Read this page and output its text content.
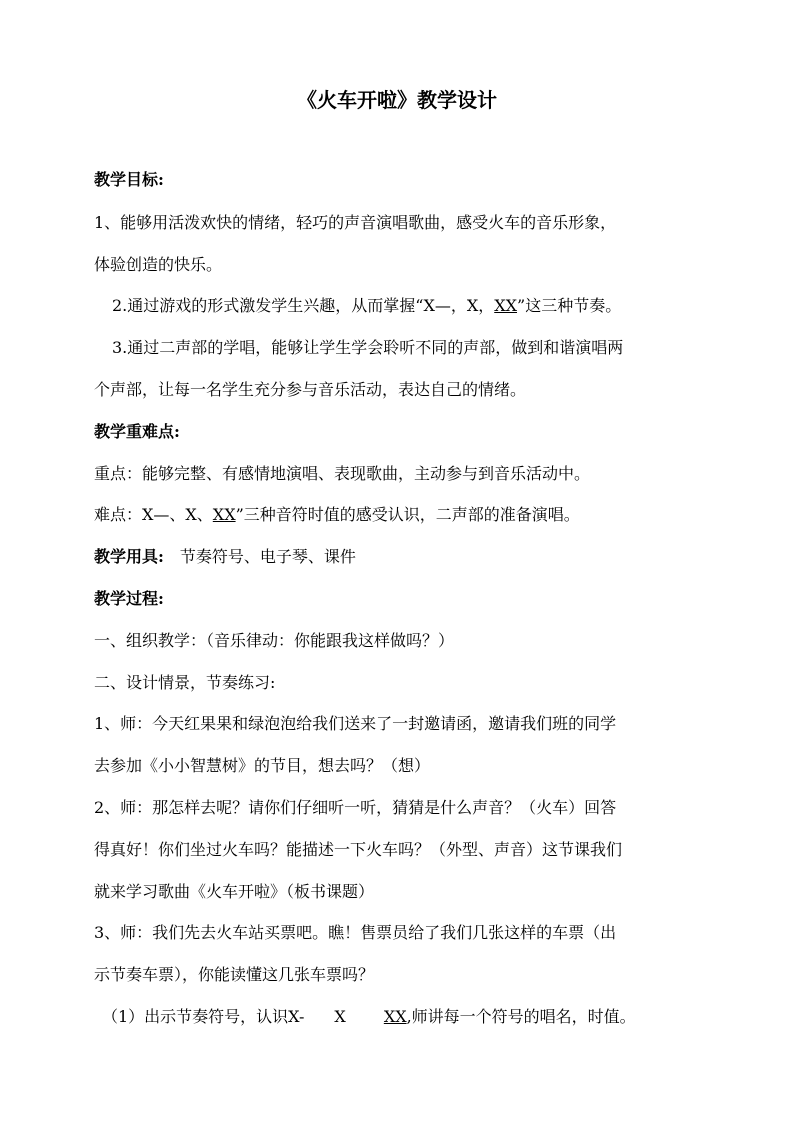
《火车开啦》教学设计
教学目标:
1、能够用活泼欢快的情绪，轻巧的声音演唱歌曲，感受火车的音乐形象，
体验创造的快乐。
2.通过游戏的形式激发学生兴趣，从而掌握“X—，X，XX”这三种节奏。
3.通过二声部的学唱，能够让学生学会聆听不同的声部，做到和谐演唱两
个声部，让每一名学生充分参与音乐活动，表达自己的情绪。
教学重难点:
重点：能够完整、有感情地演唱、表现歌曲，主动参与到音乐活动中。
难点：X—、X、XX”三种音符时值的感受认识，二声部的准备演唱。
教学用具: 节奏符号、电子琴、课件
教学过程:
一、组织教学：（音乐律动：你能跟我这样做吗？）
二、设计情景，节奏练习:
1、师：今天红果果和绿泡泡给我们送来了一封邀请函，邀请我们班的同学
去参加《小小智慧树》的节目，想去吗？（想）
2、师：那怎样去呢？请你们仔细听一听，猜猜是什么声音？（火车）回答
得真好！你们坐过火车吗？能描述一下火车吗？（外型、声音）这节课我们
就来学习歌曲《火车开啦》（板书课题）
3、师：我们先去火车站买票吧。瞧！售票员给了我们几张这样的车票（出
示节奏车票），你能读懂这几张车票吗？
（1）出示节奏符号，认识X- X XX,师讲每一个符号的唱名，时值。
